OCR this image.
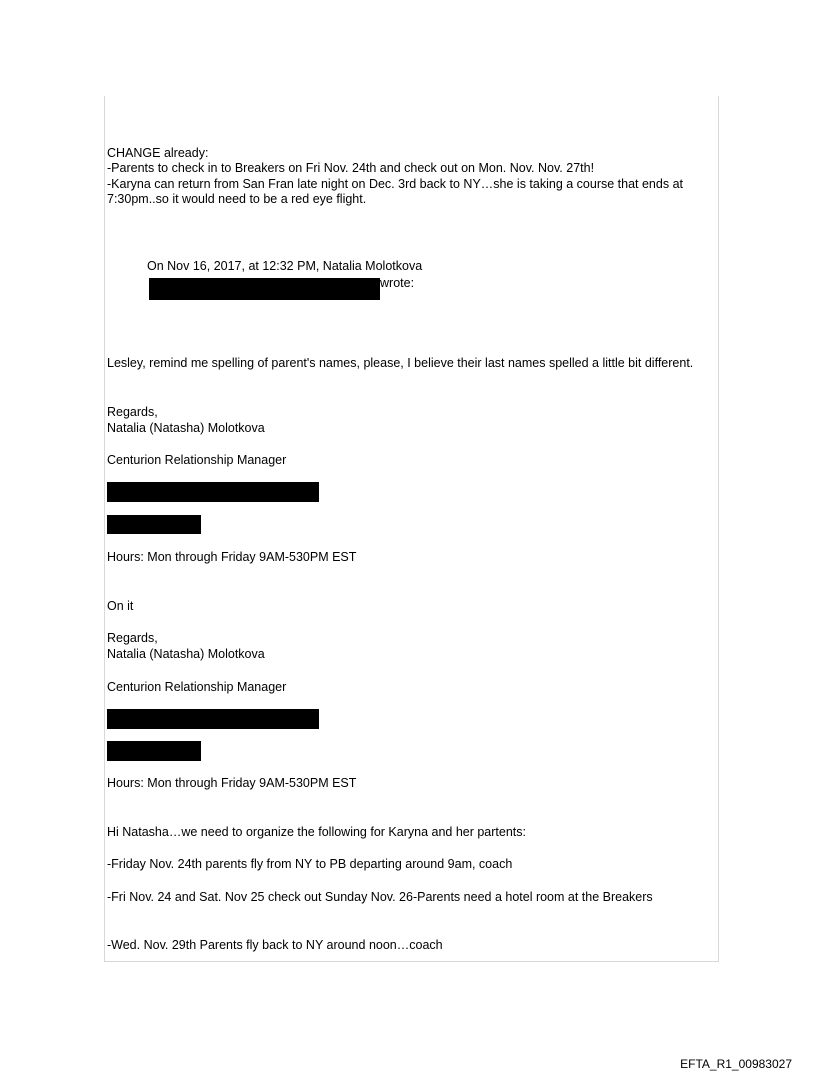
CHANGE already:
-Parents to check in to Breakers on Fri Nov. 24th and check out on Mon. Nov. Nov. 27th!
-Karyna can return from San Fran late night on Dec. 3rd back to NY…she is taking a course that ends at 7:30pm..so it would need to be a red eye flight.
On Nov 16, 2017, at 12:32 PM, Natalia Molotkova
wrote:
Lesley, remind me spelling of parent's names, please, I believe their last names spelled a little bit different.
Regards,
Natalia (Natasha) Molotkova
Centurion Relationship Manager
Hours: Mon through Friday 9AM-530PM EST
On it
Regards,
Natalia (Natasha) Molotkova
Centurion Relationship Manager
Hours: Mon through Friday 9AM-530PM EST
Hi Natasha…we need to organize the following for Karyna and her partents:
-Friday Nov. 24th parents fly from NY to PB departing around 9am, coach
-Fri Nov. 24 and Sat. Nov 25 check out Sunday Nov. 26-Parents need a hotel room at the Breakers
-Wed. Nov. 29th Parents fly back to NY around noon…coach
EFTA_R1_00983027
